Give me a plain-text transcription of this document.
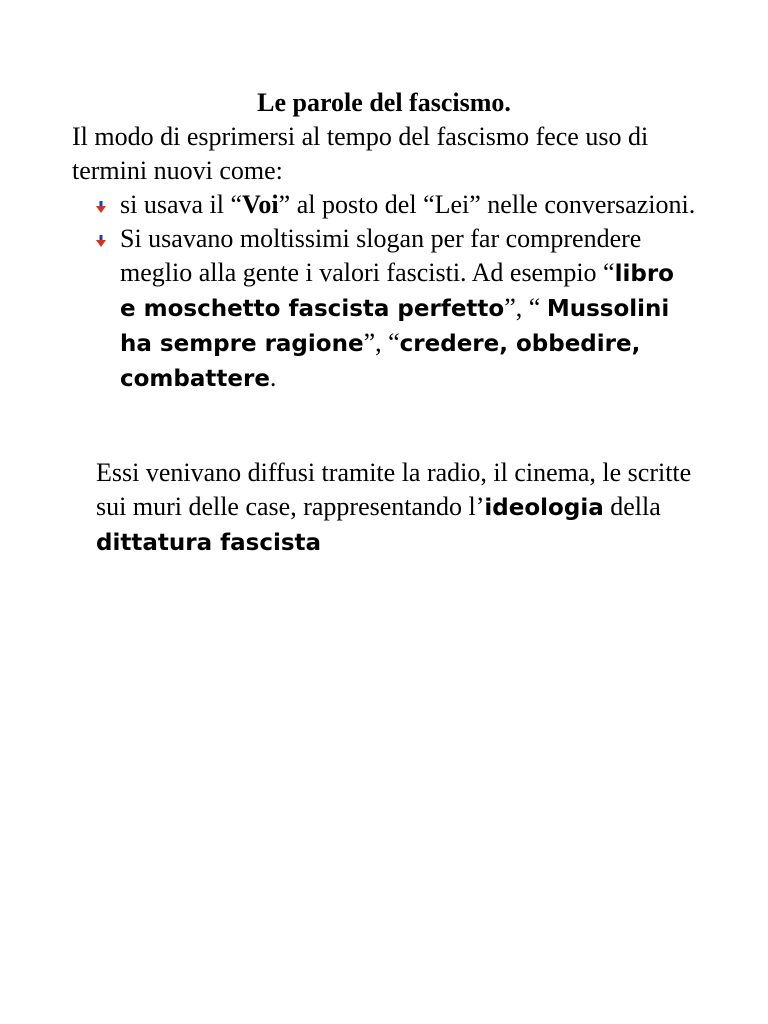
Le parole del fascismo.

Il modo di esprimersi al tempo del fascismo fece uso di termini nuovi come:

si usava il “Voi” al posto del “Lei” nelle conversazioni.
Si usavano moltissimi slogan per far comprendere meglio alla gente i valori fascisti. Ad esempio “libro e moschetto fascista perfetto”, “ Mussolini ha sempre ragione”, “credere, obbedire, combattere.

Essi venivano diffusi tramite la radio, il cinema, le scritte sui muri delle case, rappresentando l’ideologia della dittatura fascista
